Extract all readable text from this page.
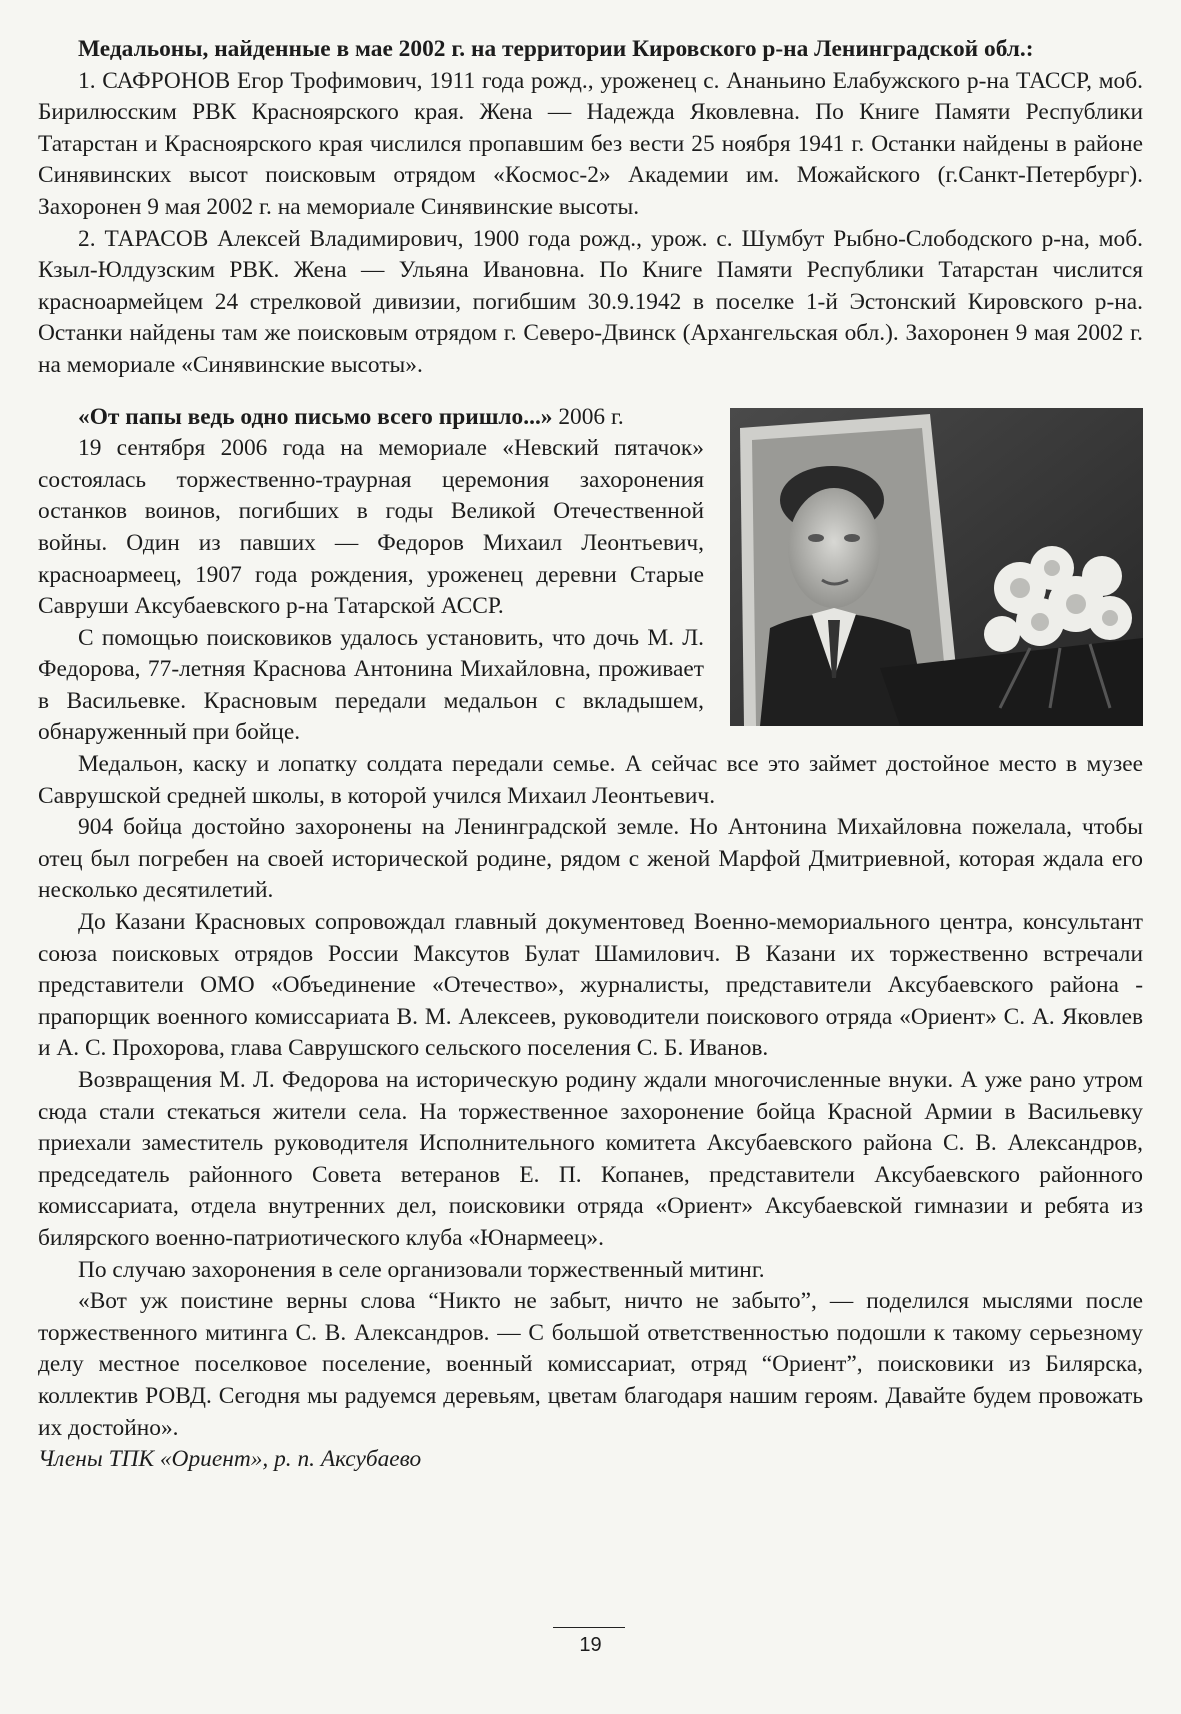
Медальоны, найденные в мае 2002 г. на территории Кировского р-на Ленинградской обл.:

1. САФРОНОВ Егор Трофимович, 1911 года рожд., уроженец с. Ананьино Елабужского р-на ТАССР, моб. Бирилюсским РВК Красноярского края. Жена — Надежда Яковлевна. По Книге Памяти Республики Татарстан и Красноярского края числился пропавшим без вести 25 ноября 1941 г. Останки найдены в районе Синявинских высот поисковым отрядом «Космос-2» Академии им. Можайского (г.Санкт-Петербург). Захоронен 9 мая 2002 г. на мемориале Синявинские высоты.

2. ТАРАСОВ Алексей Владимирович, 1900 года рожд., урож. с. Шумбут Рыбно-Слободского р-на, моб. Кзыл-Юлдузским РВК. Жена — Ульяна Ивановна. По Книге Памяти Республики Татарстан числится красноармейцем 24 стрелковой дивизии, погибшим 30.9.1942 в поселке 1-й Эстонский Кировского р-на. Останки найдены там же поисковым отрядом г. Северо-Двинск (Архангельская обл.). Захоронен 9 мая 2002 г. на мемориале «Синявинские высоты».

«От папы ведь одно письмо всего пришло...» 2006 г.

19 сентября 2006 года на мемориале «Невский пятачок» состоялась торжественно-траурная церемония захоронения останков воинов, погибших в годы Великой Отечественной войны. Один из павших — Федоров Михаил Леонтьевич, красноармеец, 1907 года рождения, уроженец деревни Старые Савруши Аксубаевского р-на Татарской АССР.

С помощью поисковиков удалось установить, что дочь М. Л. Федорова, 77-летняя Краснова Антонина Михайловна, проживает в Васильевке. Красновым передали медальон с вкладышем, обнаруженный при бойце.

Медальон, каску и лопатку солдата передали семье. А сейчас все это займет достойное место в музее Саврушской средней школы, в которой учился Михаил Леонтьевич.

904 бойца достойно захоронены на Ленинградской земле. Но Антонина Михайловна пожелала, чтобы отец был погребен на своей исторической родине, рядом с женой Марфой Дмитриевной, которая ждала его несколько десятилетий.

До Казани Красновых сопровождал главный документовед Военно-мемориального центра, консультант союза поисковых отрядов России Максутов Булат Шамилович. В Казани их торжественно встречали представители ОМО «Объединение «Отечество», журналисты, представители Аксубаевского района - прапорщик военного комиссариата В. М. Алексеев, руководители поискового отряда «Ориент» С. А. Яковлев и А. С. Прохорова, глава Саврушского сельского поселения С. Б. Иванов.

Возвращения М. Л. Федорова на историческую родину ждали многочисленные внуки. А уже рано утром сюда стали стекаться жители села. На торжественное захоронение бойца Красной Армии в Васильевку приехали заместитель руководителя Исполнительного комитета Аксубаевского района С. В. Александров, председатель районного Совета ветеранов Е. П. Копанев, представители Аксубаевского районного комиссариата, отдела внутренних дел, поисковики отряда «Ориент» Аксубаевской гимназии и ребята из билярского военно-патриотического клуба «Юнармеец».

По случаю захоронения в селе организовали торжественный митинг.

«Вот уж поистине верны слова “Никто не забыт, ничто не забыто”, — поделился мыслями после торжественного митинга С. В. Александров. — С большой ответственностью подошли к такому серьезному делу местное поселковое поселение, военный комиссариат, отряд “Ориент”, поисковики из Билярска, коллектив РОВД. Сегодня мы радуемся деревьям, цветам благодаря нашим героям. Давайте будем провожать их достойно».

Члены ТПК «Ориент», р. п. Аксубаево

19
